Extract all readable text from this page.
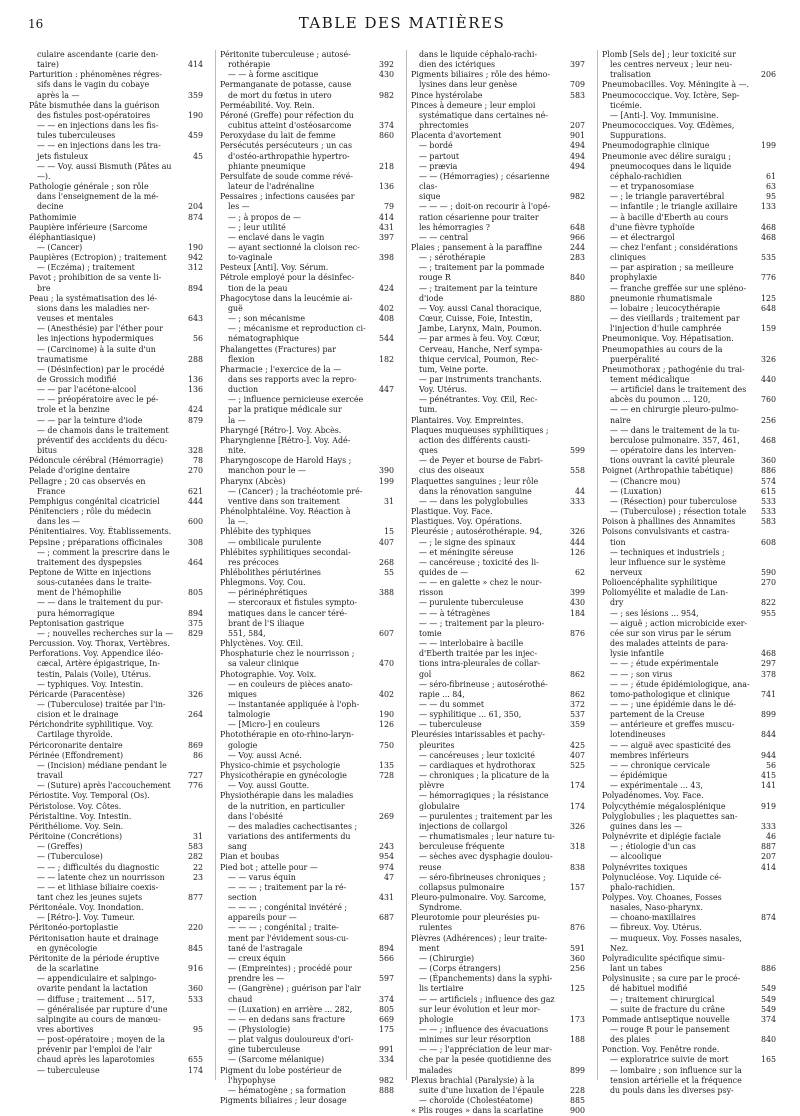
16	TABLE DES MATIÈRES
culaire ascendante (carie den-
taire)	414
Parturition : phénomènes régres-
sifs dans le vagin du cobaye
après la —	359
Pâte bismuthée dans la guérison
des fistules post-opératoires	190
— — en injections dans les fis-
tules tuberculeuses	459
— — en injections dans les tra-
jets fistuleux	45
— — Voy. aussi Bismuth (Pâtes au —).
Pathologie générale ; son rôle
dans l'enseignement de la mé-
decine	204
Pathomimie	874
Paupière inférieure (Sarcome éléphantiasique)
— (Cancer)	190
Paupières (Ectropion) ; traitement	942
— (Eczéma) ; traitement	312
Pavot ; prohibition de sa vente li-
bre	894
Peau ; la systématisation des lé-
sions dans les maladies ner-
veuses et mentales	643
— (Anesthésie) par l'éther pour
les injections hypodermiques	56
— (Carcinome) à la suite d'un
traumatisme	288
— (Désinfection) par le procédé
de Grossich modifié	136
— — par l'acétone-alcool	136
— — préopératoire avec le pé-
trole et la benzine	424
— — par la teinture d'iode	879
— de chamois dans le traitement
préventif des accidents du décu-
bitus	328
Pédoncule cérébral (Hémorragie)	78
Pelade d'origine dentaire	270
Pellagre ; 20 cas observés en
France	621
Pemphigus congénital cicatriciel	444
Pénitenciers ; rôle du médecin
dans les —	600
Pénitentiaires. Voy. Établissements.
Pepsine ; préparations officinales	308
— ; comment la prescrire dans le
traitement des dyspepsies	464
Peptone de Witte en injections
sous-cutanées dans le traite-
ment de l'hémophilie	805
— — dans le traitement du pur-
pura hémorragique	894
Peptonisation gastrique	375
— ; nouvelles recherches sur la —	829
Percussion. Voy. Thorax, Vertèbres.
Perforations. Voy. Appendice iléo-
cæcal, Artère épigastrique, In-
testin, Palais (Voile), Utérus.
— typhiques. Voy. Intestin.
Péricarde (Paracentèse)	326
— (Tuberculose) traitée par l'in-
cision et le drainage	264
Périchondrite syphilitique. Voy.
Cartilage thyroïde.
Péricoronarite dentaire	869
Périnée (Effondrement)	86
— (Incision) médiane pendant le
travail	727
— (Suture) après l'accouchement	776
Périostite. Voy. Temporal (Os).
Péristolose. Voy. Côtes.
Péristaltine. Voy. Intestin.
Périthéliome. Voy. Sein.
Péritoine (Concrétions)	31
— (Greffes)	583
— (Tuberculose)	282
— — ; difficultés du diagnostic	22
— — latente chez un nourrisson	23
— — et lithiase biliaire coexis-
tant chez les jeunes sujets	877
Péritonéale. Voy. Inondation.
— [Rétro-]. Voy. Tumeur.
Péritonéo-portoplastie	220
Péritonisation haute et drainage
en gynécologie	845
Péritonite de la période éruptive
de la scarlatine	916
— appendiculaire et salpingo-
ovarite pendant la lactation	360
— diffuse ; traitement ... 517,	533
— généralisée par rupture d'une
salpingite au cours de manœu-
vres abortives	95
— post-opératoire ; moyen de la
prévenir par l'emploi de l'air
chaud après les laparotomies	655
— tuberculeuse	174
Péritonite tuberculeuse ; autosé-
rothérapie	392
— — à forme ascitique	430
Permanganate de potasse, cause
de mort du fœtus in utero	982
Perméabilité. Voy. Rein.
Péroné (Greffe) pour réfection du
cubitus atteint d'ostéosarcome	374
Peroxydase du lait de femme	860
Persécutés persécuteurs ; un cas
d'ostéo-arthropathie hypertro-
phiante pneumique	218
Persulfate de soude comme révé-
lateur de l'adrénaline	136
Pessaires ; infections causées par
les —	79
— ; à propos de —	414
— ; leur utilité	431
— enclavé dans le vagin	397
— ayant sectionné la cloison rec-
to-vaginale	398
Pesteux [Anti]. Voy. Sérum.
Pétrole employé pour la désinfec-
tion de la peau	424
Phagocytose dans la leucémie ai-
guë	402
— ; son mécanisme	408
— ; mécanisme et reproduction ci-
nématographique	544
Phalangettes (Fractures) par
flexion	182
Pharmacie ; l'exercice de la —
dans ses rapports avec la repro-
duction	447
— ; influence pernicieuse exercée
par la pratique médicale sur
la —
Pharyngé [Rétro-]. Voy. Abcès.
Pharyngienne [Rétro-]. Voy. Adé-
nite.
Pharyngoscope de Harold Hays ;
manchon pour le —	390
Pharynx (Abcès)	199
— (Cancer) ; la trachéotomie pré-
ventive dans son traitement	31
Phénolphtaléine. Voy. Réaction à
la —.
Phlébite des typhiques	15
— ombilicale purulente	407
Phlébites syphilitiques secondai-
res précoces	268
Phlébolithes périutérines	55
Phlegmons. Voy. Cou.
— périnéphrétiques	388
— stercoraux et fistules sympto-
matiques dans le cancer téré-
brant de l'S iliaque
551, 584,	607
Phlyctènes. Voy. Œil.
Phosphaturie chez le nourrisson ;
sa valeur clinique	470
Photographie. Voy. Voix.
— en couleurs de pièces anato-
miques	402
— instantanée appliquée à l'oph-
talmologie	190
— [Micro-] en couleurs	126
Photothérapie en oto-rhino-laryn-
gologie	750
— Voy. aussi Acné.
Physico-chimie et psychologie	135
Physicothérapie en gynécologie	728
— Voy. aussi Goutte.
Physiothérapie dans les maladies
de la nutrition, en particulier
dans l'obésité	269
— des maladies cachectisantes ;
variations des antiferments du
sang	243
Pian et boubas	954
Pied bot ; attelle pour —	974
— — varus équin	47
— — — ; traitement par la ré-
section	431
— — — ; congénital invétéré ;
appareils pour —	687
— — — ; congénital ; traite-
ment par l'évidement sous-cu-
tané de l'astragale	894
— creux équin	566
— (Empreintes) ; procédé pour
prendre les —	597
— (Gangrène) ; guérison par l'air
chaud	374
— (Luxation) en arrière ... 282,	805
— — en dedans sans fracture	669
— (Physiologie)	175
— plat valgus douloureux d'ori-
gine tuberculeuse	991
— (Sarcome mélanique)	334
Pigment du lobe postérieur de
l'hypophyse	982
— hématogène ; sa formation	888
Pigments biliaires ; leur dosage
dans le liquide céphalo-rachi-
dien des ictériques	397
Pigments biliaires ; rôle des hémo-
lysines dans leur genèse	709
Pince hystérolabe	583
Pinces à demeure ; leur emploi
systématique dans certaines né-
phrectomies	207
Placenta d'avortement	901
— bordé	494
— partout	494
— prævia	494
— — (Hémorragies) ; césarienne clas-
sique	982
— — — ; doit-on recourir à l'opé-
ration césarienne pour traiter
les hémorragies ?	648
— — central	966
Plaies ; pansement à la paraffine	244
— ; sérothérapie	283
— ; traitement par la pommade
rouge R	840
— ; traitement par la teinture
d'iode	880
— Voy. aussi Canal thoracique,
Cœur, Cuisse, Foie, Intestin,
Jambe, Larynx, Main, Poumon.
— par armes à feu. Voy. Cœur,
Cerveau, Hanche, Nerf sympa-
thique cervical, Poumon, Rec-
tum, Veine porte.
— par instruments tranchants.
Voy. Utérus.
— pénétrantes. Voy. Œil, Rec-
tum.
Plantaires. Voy. Empreintes.
Plaques muqueuses syphilitiques ;
action des différents causti-
ques	599
— de Peyer et bourse de Fabri-
cius des oiseaux	558
Plaquettes sanguines ; leur rôle
dans la rénovation sanguine	44
— — dans les polyglobulies	333
Plastique. Voy. Face.
Plastiques. Voy. Opérations.
Pleurésie ; autosérothérapie. 94,	326
— ; le signe des spinaux	444
— et méningite séreuse	126
— cancéreuse ; toxicité des li-
quides de —	62
— — en galette » chez le nour-
risson	399
— purulente tuberculeuse	430
— — à tétragènes	184
— — ; traitement par la pleuro-
tomie	876
— — interlobaire à bacille
d'Eberth traitée par les injec-
tions intra-pleurales de collar-
gol	862
— séro-fibrineuse ; autosérothé-
rapie ... 84,	862
— — du sommet	372
— syphilitique ... 61, 350,	537
— tuberculeuse	359
Pleurésies intarissables et pachy-
pleurites	425
— cancéreuses ; leur toxicité	407
— cardiaques et hydrothorax	525
— chroniques ; la plicature de la
plèvre	174
— hémorragiques ; la résistance
globulaire	174
— purulentes ; traitement par les
injections de collargol	326
— rhumatismales ; leur nature tu-
berculeuse fréquente	318
— sèches avec dysphagie doulou-
reuse	838
— séro-fibrineuses chroniques ;
collapsus pulmonaire	157
Pleuro-pulmonaire. Voy. Sarcome,
Syndrome.
Pleurotomie pour pleurésies pu-
rulentes	876
Plèvres (Adhérences) ; leur traite-
ment	591
— (Chirurgie)	360
— (Corps étrangers)	256
— (Épanchements) dans la syphi-
lis tertiaire	125
— — artificiels ; influence des gaz
sur leur évolution et leur mor-
phologie	173
— — ; influence des évacuations
minimes sur leur résorption	188
— — ; l'appréciation de leur mar-
che par la pesée quotidienne des
malades	899
Plexus brachial (Paralysie) à la
suite d'une luxation de l'épaule	228
— choroïde (Cholestéatome)	885
« Plis rouges » dans la scarlatine	900
Plomb [Sels de] ; leur toxicité sur
les centres nerveux ; leur neu-
tralisation	206
Pneumobacilles. Voy. Méningite à —.
Pneumococcique. Voy. Ictère, Sep-
ticémie.
— [Anti-]. Voy. Immunisine.
Pneumococciques. Voy. Œdèmes,
Suppurations.
Pneumodographie clinique	199
Pneumonie avec délire suraigu ;
pneumocoques dans le liquide
céphalo-rachidien	61
— et trypanosomiase	63
— ; le triangle paravertébral	95
— infantile ; le triangle axillaire	133
— à bacille d'Eberth au cours
d'une fièvre typhoïde	468
— et électrargol	468
— chez l'enfant ; considérations
cliniques	535
— par aspiration ; sa meilleure
prophylaxie	776
— franche greffée sur une spléno-
pneumonie rhumatismale	125
— lobaire ; leucocythérapie	648
— des vieillards ; traitement par
l'injection d'huile camphrée	159
Pneumonique. Voy. Hépatisation.
Pneumopathies au cours de la
puerpéralité	326
Pneumothorax ; pathogénie du trai-
tement médicalique	440
— artificiel dans le traitement des
abcès du poumon ... 120,	760
— — en chirurgie pleuro-pulmo-
naire	256
— — dans le traitement de la tu-
berculose pulmonaire. 357, 461,	468
— opératoire dans les interven-
tions ouvrant la cavité pleurale	360
Poignet (Arthropathie tabétique)	886
— (Chancre mou)	574
— (Luxation)	615
— (Résection) pour tuberculose	533
— (Tuberculose) ; résection totale	533
Poison à phallines des Annamites	583
Poisons convulsivants et castra-
tion	608
— techniques et industriels ;
leur influence sur le système
nerveux	590
Polioencéphalite syphilitique	270
Poliomyélite et maladie de Lan-
dry	822
— ; ses lésions ... 954,	955
— aiguë ; action microbicide exer-
cée sur son virus par le sérum
des malades atteints de para-
lysie infantile	468
— — ; étude expérimentale	297
— — ; son virus	378
— — ; étude épidémiologique, ana-
tomo-pathologique et clinique	741
— — ; une épidémie dans le dé-
partement de la Creuse	899
— antérieure et greffes muscu-
lotendineuses	844
— — aiguë avec spasticité des
membres inférieurs	944
— — chronique cervicale	56
— épidémique	415
— expérimentale ... 43,	141
Polyadénomes. Voy. Face.
Polycythémie mégalosplénique	919
Polyglobulies ; les plaquettes san-
guines dans les —	333
Polynévrite et diplégie faciale	46
— ; étiologie d'un cas	887
— alcoolique	207
Polynévrites toxiques	414
Polynucléose. Voy. Liquide cé-
phalo-rachidien.
Polypes. Voy. Choanes, Fosses
nasales, Naso-pharynx.
— choano-maxillaires	874
— fibreux. Voy. Utérus.
— muqueux. Voy. Fosses nasales,
Nez.
Polyradiculite spécifique simu-
lant un tabes	886
Polysinusite ; sa cure par le procé-
dé habituel modifié	549
— ; traitement chirurgical	549
— suite de fracture du crâne	549
Pommade antiseptique nouvelle	374
— rouge R pour le pansement
des plaies	840
Ponction. Voy. Fenêtre ronde.
— exploratrice suivie de mort	165
— lombaire ; son influence sur la
tension artérielle et la fréquence
du pouls dans les diverses psy-
